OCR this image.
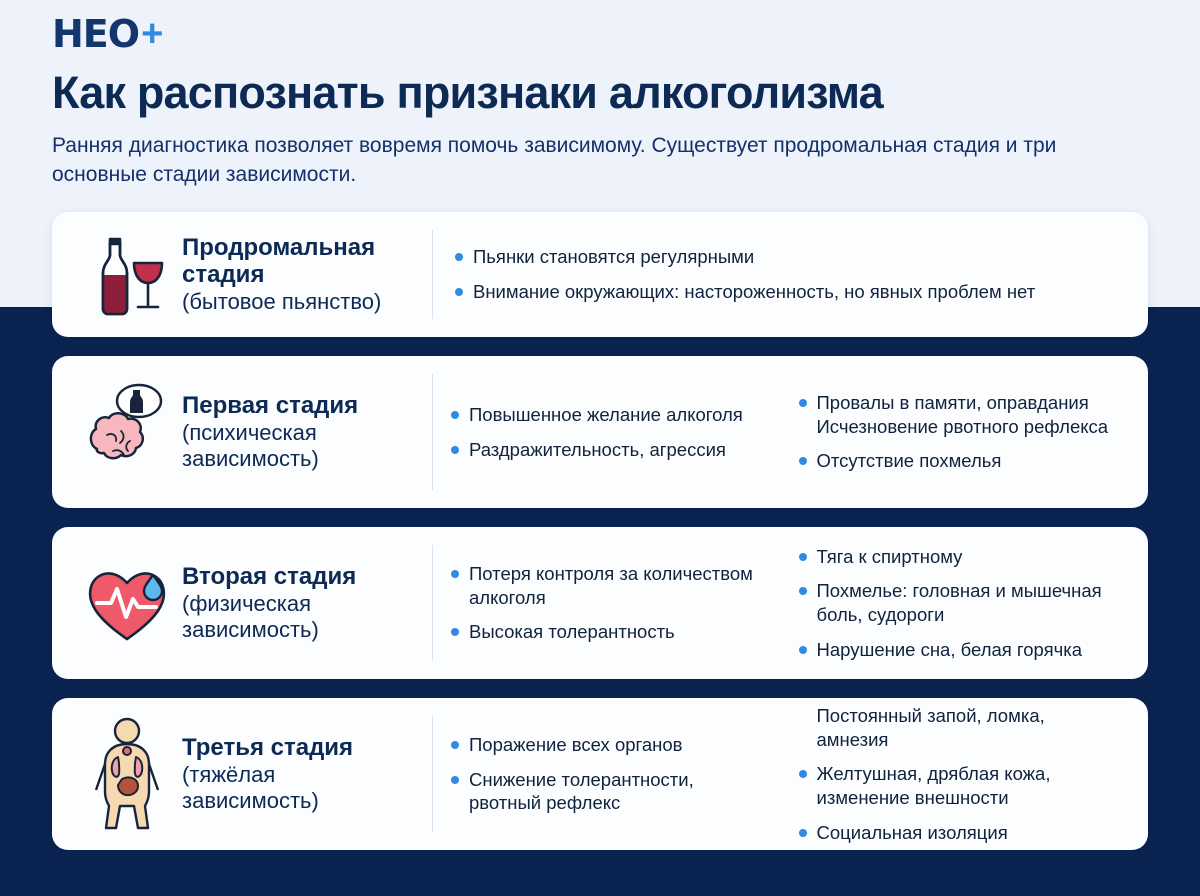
HEO +
Как распознать признаки алкоголизма

Ранняя диагностика позволяет вовремя помочь зависимому. Существует продромальная стадия и три основные стадии зависимости.

Продромальная стадия
(бытовое пьянство)
Пьянки становятся регулярными
Внимание окружающих: настороженность, но явных проблем нет
Первая стадия
(психическая зависимость)
Повышенное желание алкоголя
Раздражительность, агрессия
Провалы в памяти, оправдания Исчезновение рвотного рефлекса
Отсутствие похмелья
Вторая стадия
(физическая зависимость)
Потеря контроля за количеством алкоголя
Высокая толерантность
Тяга к спиртному
Похмелье: головная и мышечная боль, судороги
Нарушение сна, белая горячка
Третья стадия
(тяжёлая зависимость)
Поражение всех органов
Снижение толерантности, рвотный рефлекс
Постоянный запой, ломка, амнезия
Желтушная, дряблая кожа, изменение внешности
Социальная изоляция
